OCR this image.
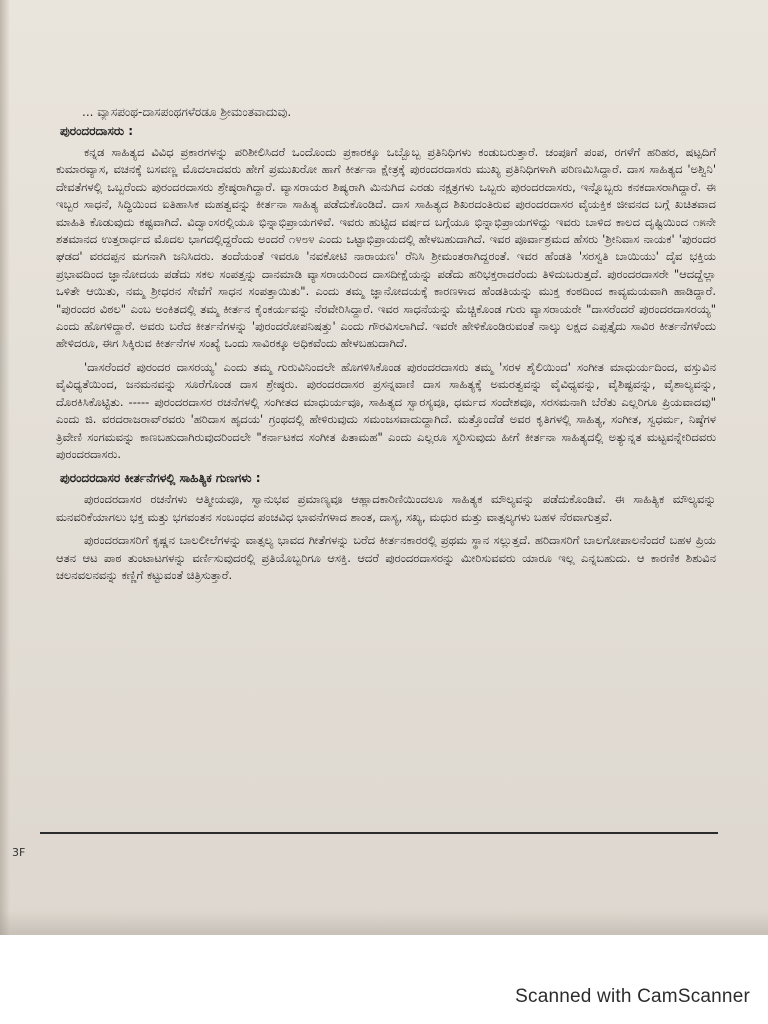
... ವ್ಯಾಸಪಂಥ-ದಾಸಪಂಥಗಳೆರಡೂ ಶ್ರೀಮಂತವಾದುವು.
ಪುರಂದರದಾಸರು :

ಕನ್ನಡ ಸಾಹಿತ್ಯದ ವಿವಿಧ ಪ್ರಕಾರಗಳನ್ನು ಪರಿಶೀಲಿಸಿದರೆ ಒಂದೊಂದು ಪ್ರಕಾರಕ್ಕೂ ಒಬ್ಬೊಬ್ಬ ಪ್ರತಿನಿಧಿಗಳು ಕಂಡುಬರುತ್ತಾರೆ. ಚಂಪೂಗೆ ಪಂಪ, ರಗಳೆಗೆ ಹರಿಹರ, ಷಟ್ಪದಿಗೆ ಕುಮಾರವ್ಯಾಸ, ವಚನಕ್ಕೆ ಬಸವಣ್ಣ ಮೊದಲಾದವರು ಹೇಗೆ ಪ್ರಮುಖರೋ ಹಾಗೆ ಕೀರ್ತನಾ ಕ್ಷೇತ್ರಕ್ಕೆ ಪುರಂದರದಾಸರು ಮುಖ್ಯ ಪ್ರತಿನಿಧಿಗಳಾಗಿ ಪರಿಣಮಿಸಿದ್ದಾರೆ. ದಾಸ ಸಾಹಿತ್ಯದ 'ಅಶ್ವಿನಿ' ದೇವತೆಗಳಲ್ಲಿ ಒಬ್ಬರೆಂದು ಪುರಂದರದಾಸರು ಶ್ರೇಷ್ಠರಾಗಿದ್ದಾರೆ. ವ್ಯಾಸರಾಯರ ಶಿಷ್ಯರಾಗಿ ಮಿನುಗಿದ ಎರಡು ನಕ್ಷತ್ರಗಳು ಒಬ್ಬರು ಪುರಂದರದಾಸರು, ಇನ್ನೊಬ್ಬರು ಕನಕದಾಸರಾಗಿದ್ದಾರೆ. ಈ ಇಬ್ಬರ ಸಾಧನೆ, ಸಿದ್ಧಿಯಿಂದ ಐತಿಹಾಸಿಕ ಮಹತ್ವವನ್ನು ಕೀರ್ತನಾ ಸಾಹಿತ್ಯ ಪಡೆದುಕೊಂಡಿದೆ. ದಾಸ ಸಾಹಿತ್ಯದ ಶಿಖರದಂತಿರುವ ಪುರಂದರದಾಸರ ವೈಯಕ್ತಿಕ ಜೀವನದ ಬಗ್ಗೆ ಖಚಿತವಾದ ಮಾಹಿತಿ ಕೊಡುವುದು ಕಷ್ಟವಾಗಿದೆ. ವಿದ್ವಾಂಸರಲ್ಲಿಯೂ ಭಿನ್ನಾಭಿಪ್ರಾಯಗಳಿವೆ. ಇವರು ಹುಟ್ಟಿದ ವರ್ಷದ ಬಗ್ಗೆಯೂ ಭಿನ್ನಾಭಿಪ್ರಾಯಗಳಿದ್ದು ಇವರು ಬಾಳಿದ ಕಾಲದ ದೃಷ್ಟಿಯಿಂದ ೧೫ನೇ ಶತಮಾನದ ಉತ್ತರಾರ್ಧದ ಮೊದಲ ಭಾಗದಲ್ಲಿದ್ದರೆಂದು ಅಂದರೆ ೧೪೮೪ ಎಂದು ಒಟ್ಟಾಭಿಪ್ರಾಯದಲ್ಲಿ ಹೇಳಬಹುದಾಗಿದೆ. ಇವರ ಪೂರ್ವಾಶ್ರಮದ ಹೆಸರು 'ಶ್ರೀನಿವಾಸ ನಾಯಕ' 'ಪುರಂದರ ಘಡದ' ವರದಪ್ಪನ ಮಗನಾಗಿ ಜನಿಸಿದರು. ತಂದೆಯಂತೆ ಇವರೂ 'ನವಕೋಟಿ ನಾರಾಯಣ' ರೆನಿಸಿ ಶ್ರೀಮಂತರಾಗಿದ್ದರಂತೆ. ಇವರ ಹೆಂಡತಿ 'ಸರಸ್ವತಿ ಬಾಯಿಯು' ದೈವ ಭಕ್ತಿಯ ಪ್ರಭಾವದಿಂದ ಜ್ಞಾನೋದಯ ಪಡೆದು ಸಕಲ ಸಂಪತ್ತನ್ನು ದಾನಮಾಡಿ ವ್ಯಾಸರಾಯರಿಂದ ದಾಸದೀಕ್ಷೆಯನ್ನು ಪಡೆದು ಹರಿಭಕ್ತರಾದರೆಂದು ತಿಳಿದುಬರುತ್ತದೆ. ಪುರಂದರದಾಸರೇ "ಆದದ್ದೆಲ್ಲಾ ಒಳಿತೇ ಆಯಿತು, ನಮ್ಮ ಶ್ರೀಧರನ ಸೇವೆಗೆ ಸಾಧನ ಸಂಪತ್ತಾಯಿತು". ಎಂದು ತಮ್ಮ ಜ್ಞಾನೋದಯಕ್ಕೆ ಕಾರಣಳಾದ ಹೆಂಡತಿಯನ್ನು ಮುಕ್ತ ಕಂಠದಿಂದ ಕಾವ್ಯಮಯವಾಗಿ ಹಾಡಿದ್ದಾರೆ. "ಪುರಂದರ ವಿಠಲ" ಎಂಬ ಅಂಕಿತದಲ್ಲಿ ತಮ್ಮ ಕೀರ್ತನ ಕೈಂಕರ್ಯವನ್ನು ನೆರವೇರಿಸಿದ್ದಾರೆ. ಇವರ ಸಾಧನೆಯನ್ನು ಮೆಚ್ಚಿಕೊಂಡ ಗುರು ವ್ಯಾಸರಾಯರೇ "ದಾಸರೆಂದರೆ ಪುರಂದರದಾಸರಯ್ಯ" ಎಂದು ಹೊಗಳಿದ್ದಾರೆ. ಅವರು ಬರೆದ ಕೀರ್ತನೆಗಳನ್ನು 'ಪುರಂದರೋಪನಿಷತ್ತು' ಎಂದು ಗೌರವಿಸಲಾಗಿದೆ. ಇವರೇ ಹೇಳಿಕೊಂಡಿರುವಂತೆ ನಾಲ್ಕು ಲಕ್ಷದ ಎಪ್ಪತ್ತೈದು ಸಾವಿರ ಕೀರ್ತನೆಗಳೆಂದು ಹೇಳಿದರೂ, ಈಗ ಸಿಕ್ಕಿರುವ ಕೀರ್ತನೆಗಳ ಸಂಖ್ಯೆ ಒಂದು ಸಾವಿರಕ್ಕೂ ಅಧಿಕವೆಂದು ಹೇಳಬಹುದಾಗಿದೆ.

'ದಾಸರೆಂದರೆ ಪುರಂದರ ದಾಸರಯ್ಯ' ಎಂದು ತಮ್ಮ ಗುರುವಿನಿಂದಲೇ ಹೊಗಳಿಸಿಕೊಂಡ ಪುರಂದರದಾಸರು ತಮ್ಮ 'ಸರಳ ಶೈಲಿಯಿಂದ' ಸಂಗೀತ ಮಾಧುರ್ಯದಿಂದ, ವಸ್ತುವಿನ ವೈವಿಧ್ಯತೆಯಿಂದ, ಜನಮನವನ್ನು ಸೂರೆಗೊಂಡ ದಾಸ ಶ್ರೇಷ್ಠರು. ಪುರಂದರದಾಸರ ಪ್ರಸನ್ನವಾಣಿ ದಾಸ ಸಾಹಿತ್ಯಕ್ಕೆ ಅಮರತ್ವವನ್ನು ವೈವಿಧ್ಯವನ್ನು, ವೈಶಿಷ್ಟವನ್ನು, ವೈಶಾಲ್ಯವನ್ನು, ದೊರಕಿಸಿಕೊಟ್ಟಿತು. ----- ಪುರಂದರದಾಸರ ರಚನೆಗಳಲ್ಲಿ ಸಂಗೀತದ ಮಾಧುರ್ಯವೂ, ಸಾಹಿತ್ಯದ ಸ್ವಾರಸ್ಯವೂ, ಧರ್ಮದ ಸಂದೇಶವೂ, ಸರಸಮನಾಗಿ ಬೆರೆತು ಎಲ್ಲರಿಗೂ ಪ್ರಿಯವಾದವು" ಎಂದು ಜಿ. ವರದರಾಜರಾವ್‌ರವರು 'ಹರಿದಾಸ ಹೃದಯ' ಗ್ರಂಥದಲ್ಲಿ ಹೇಳಿರುವುದು ಸಮಂಜಸವಾದುದ್ದಾಗಿದೆ. ಮತ್ತೊಂದೆಡೆ ಅವರ ಕೃತಿಗಳಲ್ಲಿ ಸಾಹಿತ್ಯ, ಸಂಗೀತ, ಸ್ವಧರ್ಮ, ನಿಷ್ಠೆಗಳ ತ್ರಿವೇಣಿ ಸಂಗಮವನ್ನು ಕಾಣಬಹುದಾಗಿರುವುದರಿಂದಲೇ "ಕರ್ನಾಟಕದ ಸಂಗೀತ ಪಿತಾಮಹ" ಎಂದು ಎಲ್ಲರೂ ಸ್ಮರಿಸುವುದು ಹೀಗೆ ಕೀರ್ತನಾ ಸಾಹಿತ್ಯದಲ್ಲಿ ಅತ್ಯುನ್ನತ ಮಟ್ಟವನ್ನೇರಿದವರು ಪುರಂದರದಾಸರು.

ಪುರಂದರದಾಸರ ಕೀರ್ತನೆಗಳಲ್ಲಿ ಸಾಹಿತ್ಯಿಕ ಗುಣಗಳು :

ಪುರಂದರದಾಸರ ರಚನೆಗಳು ಆತ್ಮೀಯವೂ, ಸ್ವಾನುಭವ ಪ್ರಮಾಣ್ಯವೂ ಆಹ್ಲಾದಕಾರಿಣಿಯಿಂದಲೂ ಸಾಹಿತ್ಯಕ ಮೌಲ್ಯವನ್ನು ಪಡೆದುಕೊಂಡಿವೆ. ಈ ಸಾಹಿತ್ಯಿಕ ಮೌಲ್ಯವನ್ನು ಮನವರಿಕೆಯಾಗಲು ಭಕ್ತ ಮತ್ತು ಭಗವಂತನ ಸಂಬಂಧದ ಪಂಚವಿಧ ಭಾವನೆಗಳಾದ ಶಾಂತ, ದಾಸ್ಯ, ಸಖ್ಯ, ಮಧುರ ಮತ್ತು ವಾತ್ಸಲ್ಯಗಳು ಬಹಳ ನೆರವಾಗುತ್ತವೆ.

ಪುರಂದರದಾಸರಿಗೆ ಕೃಷ್ಣನ ಬಾಲಲೀಲೆಗಳನ್ನು ವಾತ್ಸಲ್ಯ ಭಾವದ ಗೀತೆಗಳನ್ನು ಬರೆದ ಕೀರ್ತನಕಾರರಲ್ಲಿ ಪ್ರಥಮ ಸ್ಥಾನ ಸಲ್ಲುತ್ತದೆ. ಹರಿದಾಸರಿಗೆ ಬಾಲಗೋಪಾಲನೆಂದರೆ ಬಹಳ ಪ್ರಿಯ ಆತನ ಆಟ ಪಾಠ ತುಂಟಾಟಗಳನ್ನು ವರ್ಣಿಸುವುದರಲ್ಲಿ ಪ್ರತಿಯೊಬ್ಬರಿಗೂ ಆಸಕ್ತಿ. ಆದರೆ ಪುರಂದರದಾಸರನ್ನು ಮೀರಿಸುವವರು ಯಾರೂ ಇಲ್ಲ ಎನ್ನಬಹುದು. ಆ ಕಾರಣಿಕ ಶಿಶುವಿನ ಚಲನವಲನವನ್ನು ಕಣ್ಣಿಗೆ ಕಟ್ಟುವಂತೆ ಚಿತ್ರಿಸುತ್ತಾರೆ.

3F
Scanned with CamScanner
